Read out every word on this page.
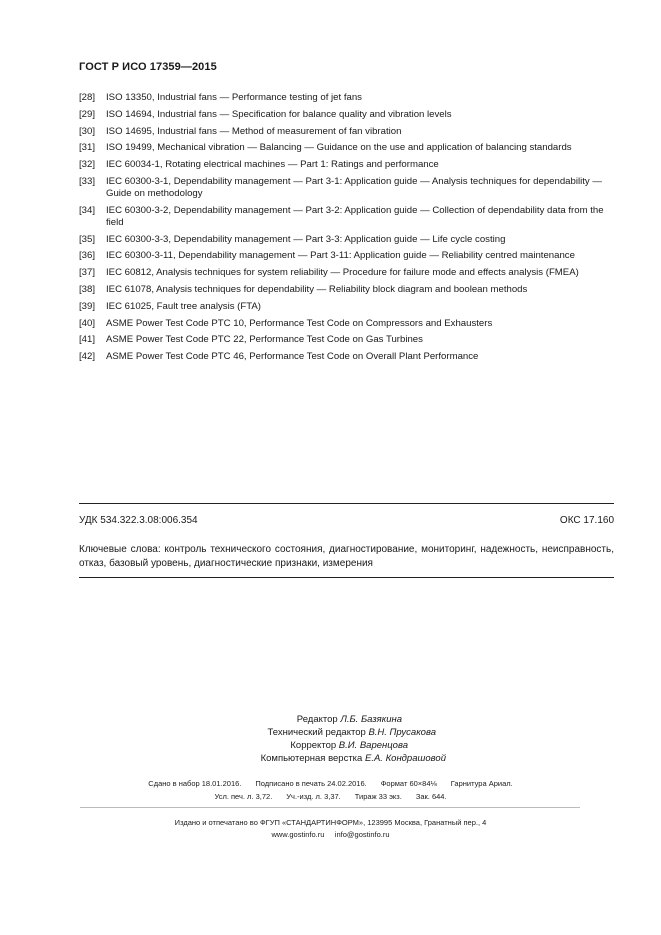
ГОСТ Р ИСО 17359—2015
[28]	ISO 13350, Industrial fans — Performance testing of jet fans
[29]	ISO 14694, Industrial fans — Specification for balance quality and vibration levels
[30]	ISO 14695, Industrial fans — Method of measurement of fan vibration
[31]	ISO 19499, Mechanical vibration — Balancing — Guidance on the use and application of balancing standards
[32]	IEC 60034-1, Rotating electrical machines — Part 1: Ratings and performance
[33]	IEC 60300-3-1, Dependability management — Part 3-1: Application guide — Analysis techniques for dependability — Guide on methodology
[34]	IEC 60300-3-2, Dependability management — Part 3-2: Application guide — Collection of dependability data from the field
[35]	IEC 60300-3-3, Dependability management — Part 3-3: Application guide — Life cycle costing
[36]	IEC 60300-3-11, Dependability management — Part 3-11: Application guide — Reliability centred maintenance
[37]	IEC 60812, Analysis techniques for system reliability — Procedure for failure mode and effects analysis (FMEA)
[38]	IEC 61078, Analysis techniques for dependability — Reliability block diagram and boolean methods
[39]	IEC 61025, Fault tree analysis (FTA)
[40]	ASME Power Test Code PTC 10, Performance Test Code on Compressors and Exhausters
[41]	ASME Power Test Code PTC 22, Performance Test Code on Gas Turbines
[42]	ASME Power Test Code PTC 46, Performance Test Code on Overall Plant Performance
УДК 534.322.3.08:006.354	ОКС 17.160
Ключевые слова: контроль технического состояния, диагностирование, мониторинг, надежность, неисправность, отказ, базовый уровень, диагностические признаки, измерения
Редактор Л.Б. Базякина
Технический редактор В.Н. Прусакова
Корректор В.И. Варенцова
Компьютерная верстка Е.А. Кондрашовой
Сдано в набор 18.01.2016. Подписано в печать 24.02.2016. Формат 60×84⅛ Гарнитура Ариал.
Усл. печ. л. 3,72. Уч.-изд. л. 3,37. Тираж 33 экз. Зак. 644.
Издано и отпечатано во ФГУП «СТАНДАРТИНФОРМ», 123995 Москва, Гранатный пер., 4
www.gostinfo.ru     info@gostinfo.ru
